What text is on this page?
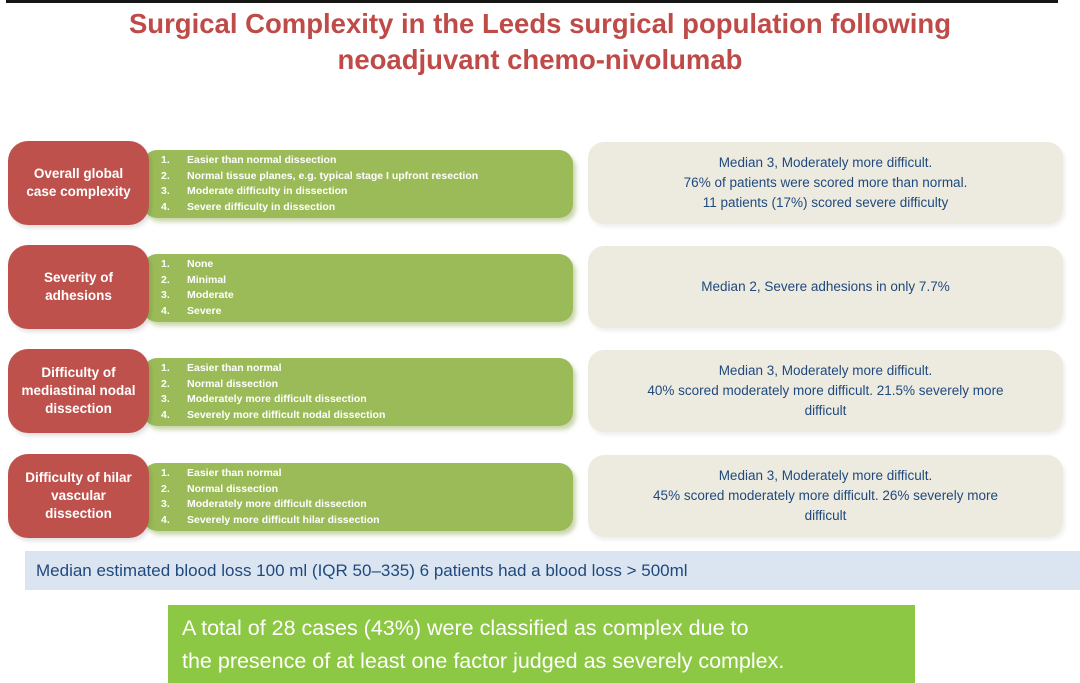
Surgical Complexity in the Leeds surgical population following
neoadjuvant chemo-nivolumab
Easier than normal dissection
Normal tissue planes, e.g. typical stage I upfront resection
Moderate difficulty in dissection
Severe difficulty in dissection
Overall global case complexity
Median 3, Moderately more difficult.
76% of patients were scored more than normal.
11 patients (17%) scored severe difficulty
None
Minimal
Moderate
Severe
Severity of adhesions
Median 2, Severe adhesions in only 7.7%
Easier than normal
Normal dissection
Moderately more difficult dissection
Severely more difficult nodal dissection
Difficulty of mediastinal nodal dissection
Median 3, Moderately more difficult.
40% scored moderately more difficult. 21.5% severely more difficult
Easier than normal
Normal dissection
Moderately more difficult dissection
Severely more difficult hilar dissection
Difficulty of hilar vascular dissection
Median 3, Moderately more difficult.
45% scored moderately more difficult. 26% severely more difficult
Median estimated blood loss 100 ml (IQR 50–335) 6 patients had a blood loss > 500ml
A total of 28 cases (43%) were classified as complex due to
the presence of at least one factor judged as severely complex.
